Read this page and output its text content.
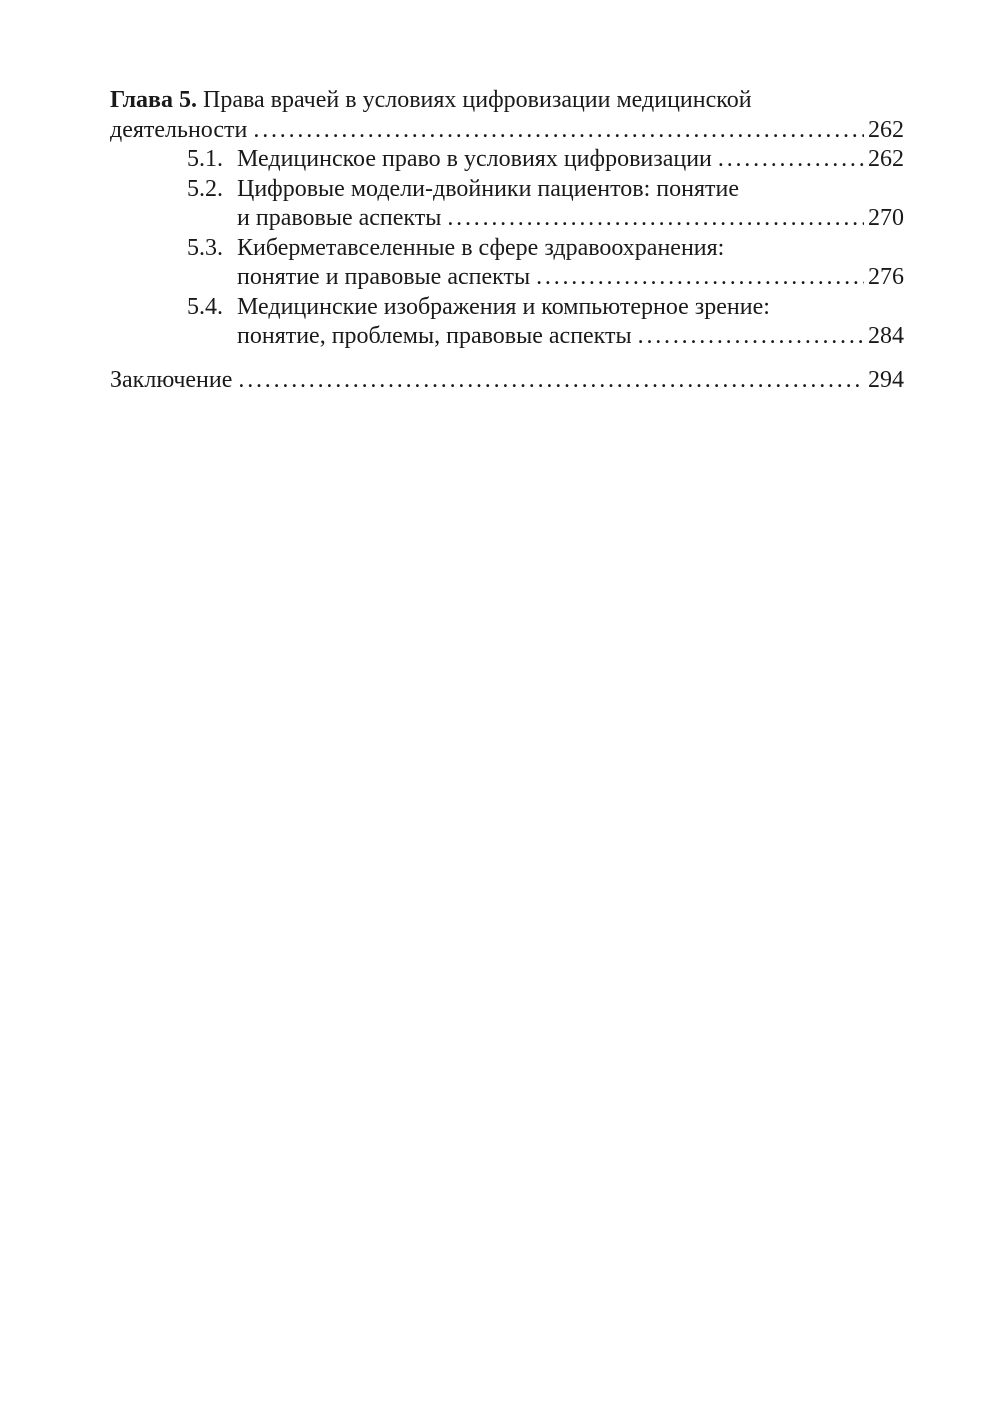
Глава 5.
Права врачей в условиях цифровизации медицинской
деятельности . . .	262
5.1. Медицинское право в условиях цифровизации . . .	262
5.2. Цифровые модели-двойники пациентов: понятие
и правовые аспекты . . .	270
5.3. Киберметавселенные в сфере здравоохранения:
понятие и правовые аспекты . . .	276
5.4. Медицинские изображения и компьютерное зрение:
понятие, проблемы, правовые аспекты . . .	284
Заключение . . .	294
